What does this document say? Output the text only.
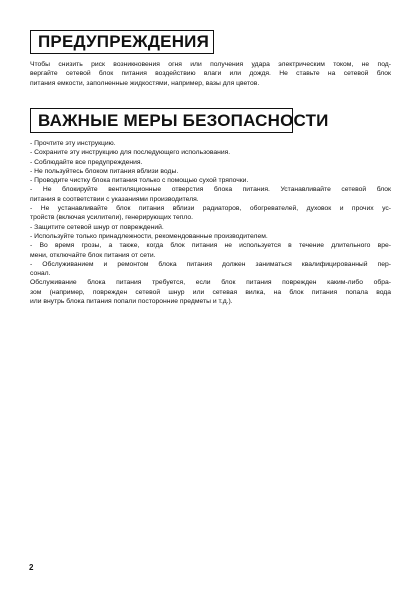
ПРЕДУПРЕЖДЕНИЯ
Чтобы снизить риск возникновения огня или получения удара электрическим током, не под-
вергайте сетевой блок питания воздействию влаги или дождя. Не ставьте на сетевой блок
питания емкости, заполненные жидкостями, например, вазы для цветов.
ВАЖНЫЕ МЕРЫ БЕЗОПАСНОСТИ
- Прочтите эту инструкцию.
- Сохраните эту инструкцию для последующего использования.
- Соблюдайте все предупреждения.
- Не пользуйтесь блоком питания вблизи воды.
- Проводите чистку блока питания только с помощью сухой тряпочки.
- Не блокируйте вентиляционные отверстия блока питания. Устанавливайте сетевой блок
питания в соответствии с указаниями производителя.
- Не устанавливайте блок питания вблизи радиаторов, обогревателей, духовок и прочих ус-
тройств (включая усилители), генерирующих тепло.
- Защитите сетевой шнур от повреждений.
- Используйте только принадлежности, рекомендованные производителем.
- Во время грозы, а также, когда блок питания не используется в течение длительного вре-
мени, отключайте блок питания от сети.
- Обслуживанием и ремонтом блока питания должен заниматься квалифицированный пер-
сонал.
Обслуживание блока питания требуется, если блок питания поврежден каким-либо обра-
зом (например, поврежден сетевой шнур или сетевая вилка, на блок питания попала вода
или внутрь блока питания попали посторонние предметы и т.д.).
2
